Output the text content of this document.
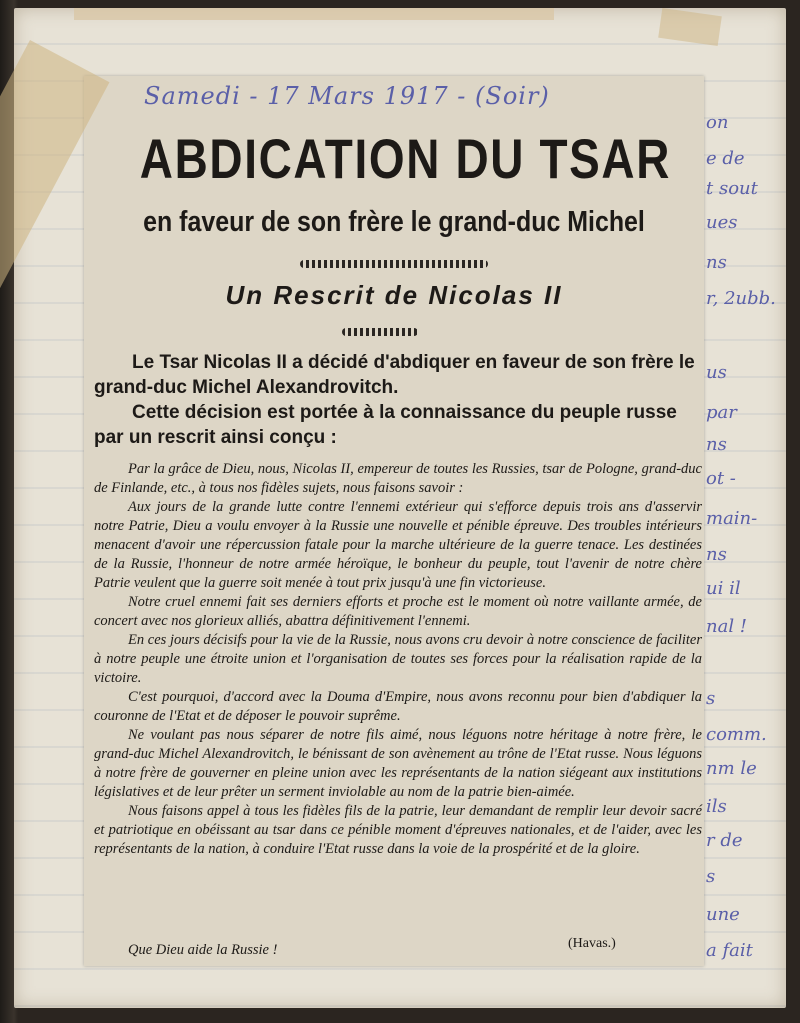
on
e de
t sout
ues
ns
r, 2ubb.
us
par
ns
ot -
main-
ns
ui il
nal !
s
comm.
nm le
ils
r de
s
une
a fait
Samedi - 17 Mars 1917 - (Soir)
ABDICATION DU TSAR
en faveur de son frère le grand-duc Michel
Un Rescrit de Nicolas II

Le Tsar Nicolas II a décidé d'abdiquer en faveur de son frère le grand-duc Michel Alexandrovitch.

Cette décision est portée à la connaissance du peuple russe par un rescrit ainsi conçu :

Par la grâce de Dieu, nous, Nicolas II, empereur de toutes les Russies, tsar de Pologne, grand-duc de Finlande, etc., à tous nos fidèles sujets, nous faisons savoir :

Aux jours de la grande lutte contre l'ennemi extérieur qui s'efforce depuis trois ans d'asservir notre Patrie, Dieu a voulu envoyer à la Russie une nouvelle et pénible épreuve. Des troubles intérieurs menacent d'avoir une répercussion fatale pour la marche ultérieure de la guerre tenace. Les destinées de la Russie, l'honneur de notre armée héroïque, le bonheur du peuple, tout l'avenir de notre chère Patrie veulent que la guerre soit menée à tout prix jusqu'à une fin victorieuse.

Notre cruel ennemi fait ses derniers efforts et proche est le moment où notre vaillante armée, de concert avec nos glorieux alliés, abattra définitivement l'ennemi.

En ces jours décisifs pour la vie de la Russie, nous avons cru devoir à notre conscience de faciliter à notre peuple une étroite union et l'organisation de toutes ses forces pour la réalisation rapide de la victoire.

C'est pourquoi, d'accord avec la Douma d'Empire, nous avons reconnu pour bien d'abdiquer la couronne de l'Etat et de déposer le pouvoir suprême.

Ne voulant pas nous séparer de notre fils aimé, nous léguons notre héritage à notre frère, le grand-duc Michel Alexandrovitch, le bénissant de son avènement au trône de l'Etat russe. Nous léguons à notre frère de gouverner en pleine union avec les représentants de la nation siégeant aux institutions législatives et de leur prêter un serment inviolable au nom de la patrie bien-aimée.

Nous faisons appel à tous les fidèles fils de la patrie, leur demandant de remplir leur devoir sacré et patriotique en obéissant au tsar dans ce pénible moment d'épreuves nationales, et de l'aider, avec les représentants de la nation, à conduire l'Etat russe dans la voie de la prospérité et de la gloire.

Que Dieu aide la Russie !	(Havas.)
